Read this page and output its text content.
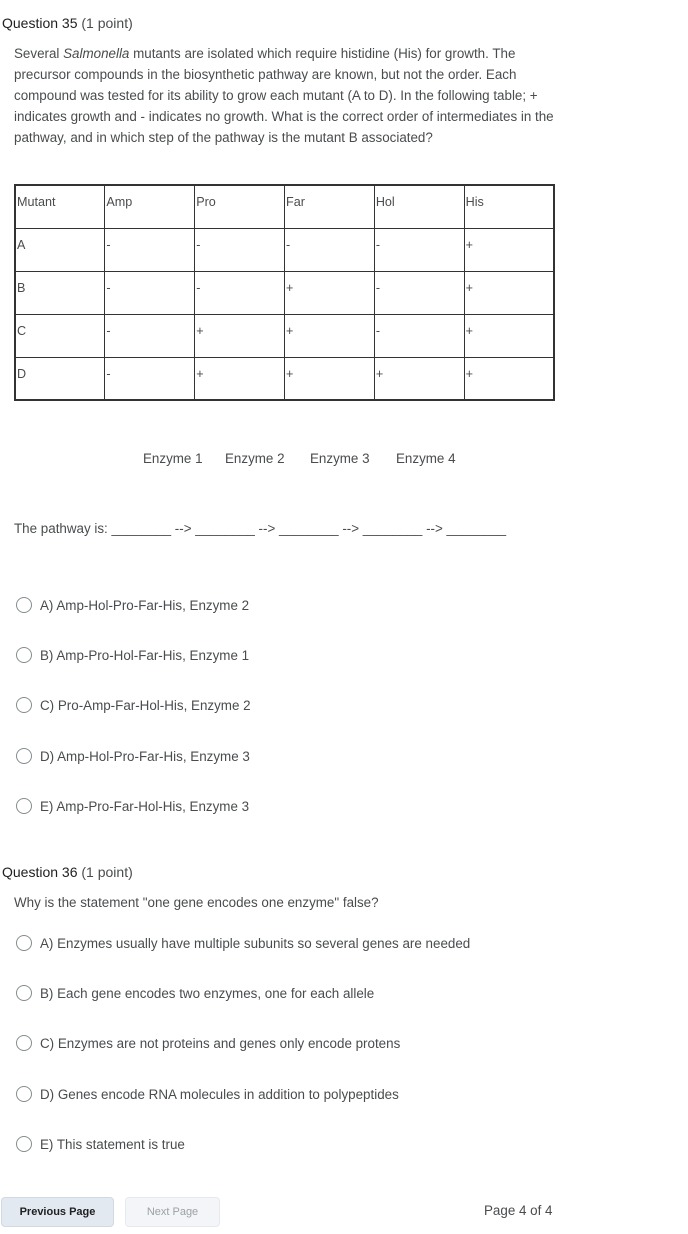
Question 35 (1 point)
Several Salmonella mutants are isolated which require histidine (His) for growth. The precursor compounds in the biosynthetic pathway are known, but not the order. Each compound was tested for its ability to grow each mutant (A to D). In the following table; + indicates growth and - indicates no growth. What is the correct order of intermediates in the pathway, and in which step of the pathway is the mutant B associated?
Mutant	Amp	Pro	Far	Hol	His
A	-	-	-	-	+
B	-	-	+	-	+
C	-	+	+	-	+
D	-	+	+	+	+
Enzyme 1 Enzyme 2 Enzyme 3 Enzyme 4
The pathway is: ________ --> ________ --> ________ --> ________ --> ________
A) Amp-Hol-Pro-Far-His, Enzyme 2
B) Amp-Pro-Hol-Far-His, Enzyme 1
C) Pro-Amp-Far-Hol-His, Enzyme 2
D) Amp-Hol-Pro-Far-His, Enzyme 3
E) Amp-Pro-Far-Hol-His, Enzyme 3
Question 36 (1 point)
Why is the statement "one gene encodes one enzyme" false?
A) Enzymes usually have multiple subunits so several genes are needed
B) Each gene encodes two enzymes, one for each allele
C) Enzymes are not proteins and genes only encode protens
D) Genes encode RNA molecules in addition to polypeptides
E) This statement is true
Previous Page	Next Page	Page 4 of 4
